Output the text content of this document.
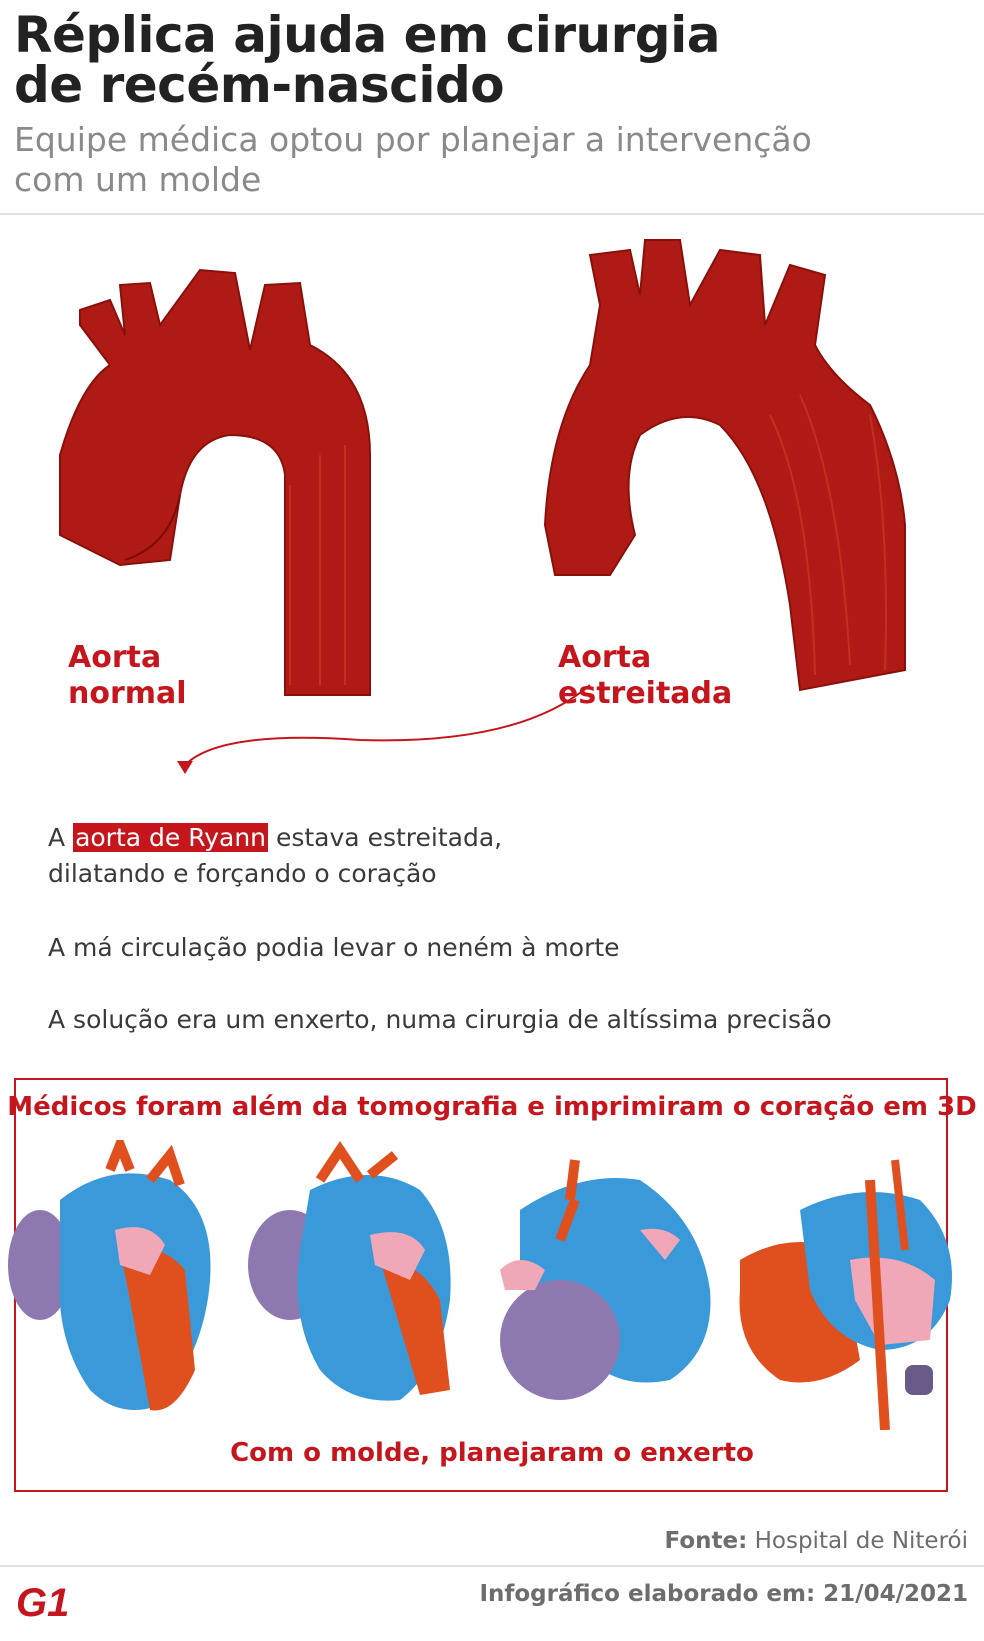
Réplica ajuda em cirurgia
de recém-nascido
Equipe médica optou por planejar a intervenção
com um molde
Aorta
normal
Aorta
estreitada
A aorta de Ryann estava estreitada,
dilatando e forçando o coração
A má circulação podia levar o neném à morte
A solução era um enxerto, numa cirurgia de altíssima precisão
Médicos foram além da tomografia e imprimiram o coração em 3D
Com o molde, planejaram o enxerto
Fonte: Hospital de Niterói
G1	Infográfico elaborado em: 21/04/2021
